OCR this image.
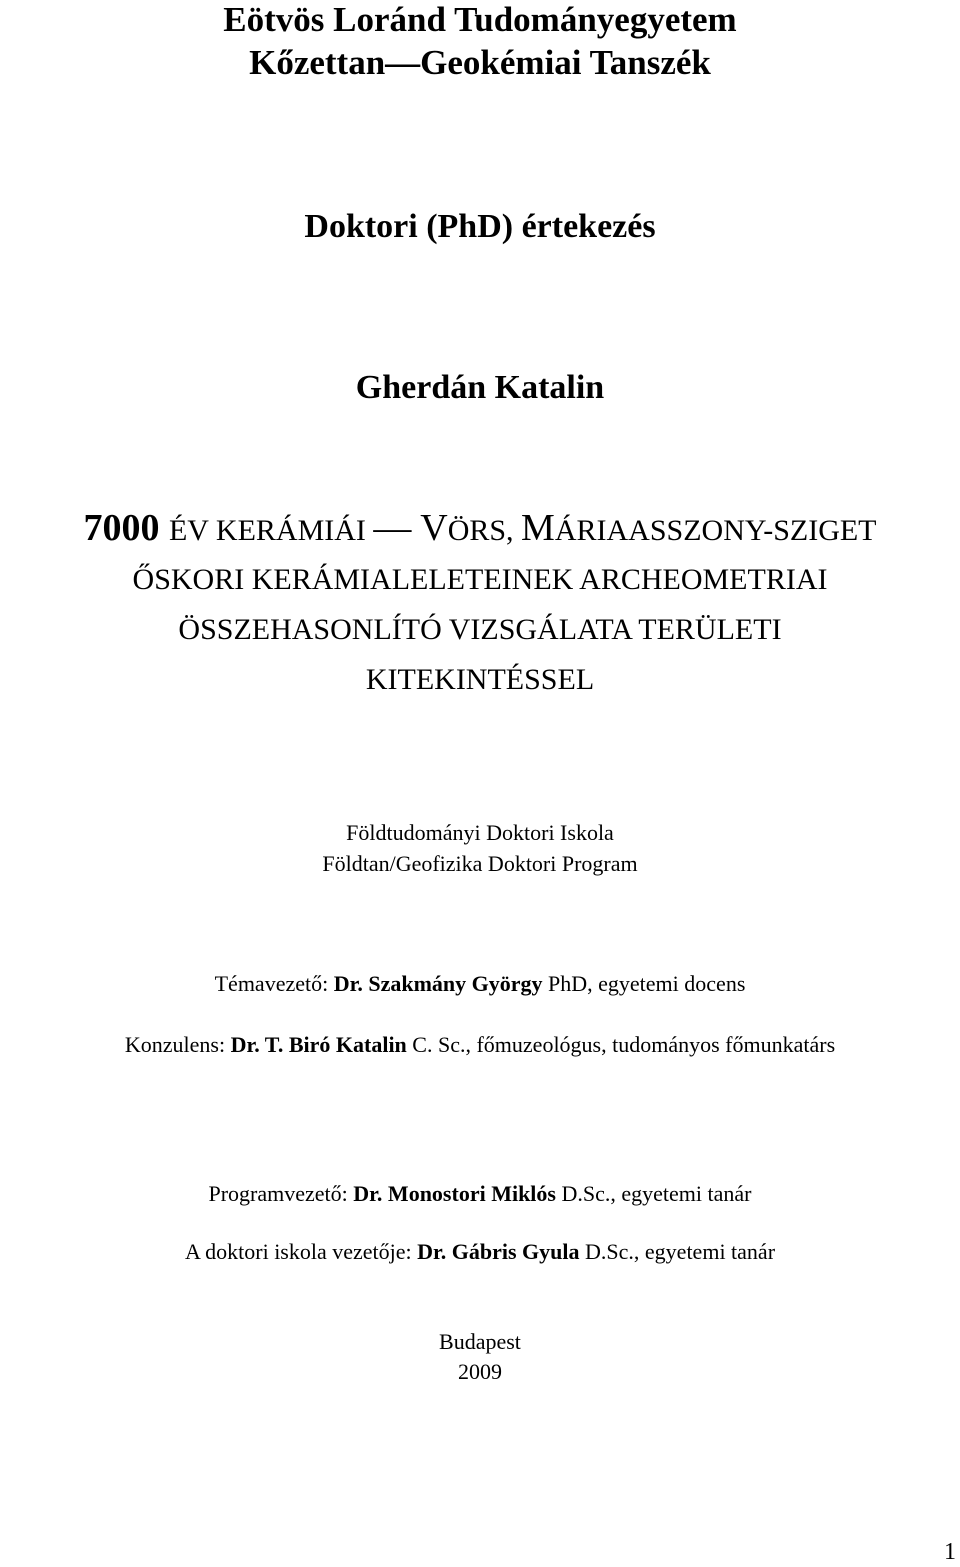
Eötvös Loránd Tudományegyetem
Kőzettan—Geokémiai Tanszék
Doktori (PhD) értekezés
Gherdán Katalin
7000 ÉV KERÁMIÁI — VÖRS, MÁRIAASSZONY-SZIGET
ŐSKORI KERÁMIALELETEINEK ARCHEOMETRIAI
ÖSSZEHASONLÍTÓ VIZSGÁLATA TERÜLETI
KITEKINTÉSSEL
Földtudományi Doktori Iskola
Földtan/Geofizika Doktori Program
Témavezető: Dr. Szakmány György PhD, egyetemi docens
Konzulens: Dr. T. Biró Katalin C. Sc., főmuzeológus, tudományos főmunkatárs
Programvezető: Dr. Monostori Miklós D.Sc., egyetemi tanár
A doktori iskola vezetője: Dr. Gábris Gyula D.Sc., egyetemi tanár
Budapest
2009
1
